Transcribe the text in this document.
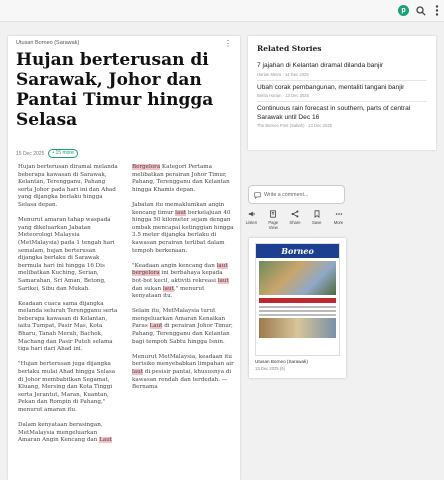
p
Utusan Borneo (Sarawak)	⋮
Hujan berterusan di Sarawak, Johor dan Pantai Timur hingga Selasa
15 Dec 2025	• 15 more

Hujan berterusan diramal melanda beberapa kawasan di Sarawak, Kelantan, Terengganu, Pahang serta Johor pada hari ini dan Ahad yang dijangka berlaku hingga Selasa depan.

Menurut amaran tahap waspada yang dikeluarkan Jabatan Meteorologi Malaysia (MetMalaysia) pada 1 tengah hari semalam, hujan berterusan dijangka berlaku di Sarawak bermula hari ini hingga 16 Dis melibatkan Kuching, Serian, Samarahan, Sri Aman, Betong, Sarikei, Sibu dan Mukah.

Keadaan cuaca sama dijangka melanda seluruh Terengganu serta beberapa kawasan di Kelantan, iaitu Tumpat, Pasir Mas, Kota Bharu, Tanah Merah, Bachok, Machang dan Pasir Puteh selama tiga hari dari Ahad ini.

"Hujan berterusan juga dijangka berlaku mulai Ahad hingga Selasa di Johor membabitkan Segamat, Kluang, Mersing dan Kota Tinggi serta Jerantut, Maran, Kuantan, Pekan dan Rompin di Pahang," menurut amaran itu.

Dalam kenyataan berasingan, MetMalaysia mengeluarkan Amaran Angin Kencang dan Laut

Bergelora Kategori Pertama melibatkan perairan Johor Timur, Pahang, Terengganu dan Kelantan hingga Khamis depan.

Jabatan itu memaklumkan angin kencang timur laut berkelajuan 40 hingga 50 kilometer sejam dengan ombak mencapai ketinggian hingga 3.5 meter dijangka berlaku di kawasan perairan terlibat dalam tempoh berkenaan.

"Keadaan angin kencang dan laut bergelora ini berbahaya kepada bot-bot kecil, aktiviti rekreasi laut dan sukan laut," menurut kenyataan itu.

Selain itu, MetMalaysia turut mengeluarkan Amaran Kenaikan Paras Laut di perairan Johor Timur, Pahang, Terengganu dan Kelantan bagi tempoh Sabtu hingga Isnin.

Menurut MetMalaysia, keadaan itu berisiko menyebabkan limpahan air laut di pesisir pantai, khususnya di kawasan rendah dan terdedah. — Bernama

Related Stories
7 jajahan di Kelantan diramal dilanda banjir
Harian Metro · 14 Dec 2025
Ubah corak pembangunan, mentaliti tangani banjir
Berita Harian · 13 Dec 2025
Continuous rain forecast in southern, parts of central Sarawak until Dec 16
The Borneo Post (Sabah) · 13 Dec 2025
Write a comment...
Listen	Page View
Share	Save	More
Borneo
Utusan Borneo (Sarawak)
13 Dec 2025 (6)
